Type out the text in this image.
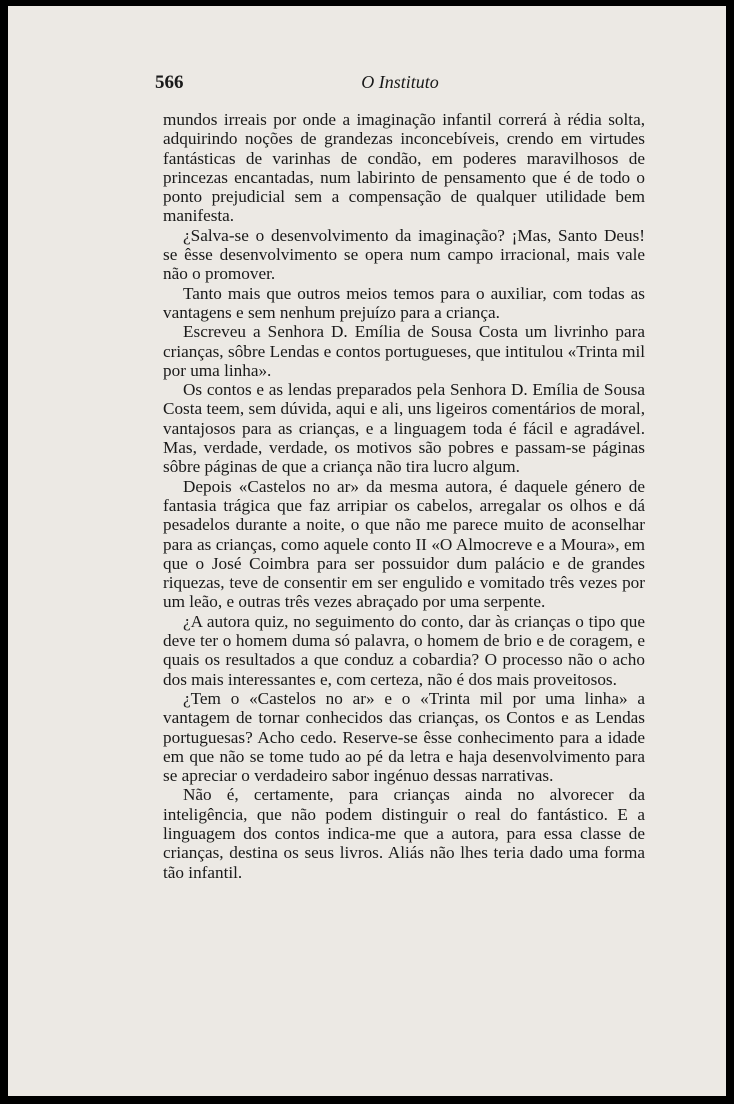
566	O Instituto

mundos irreais por onde a imaginação infantil correrá à rédia solta, adquirindo noções de grandezas inconcebíveis, crendo em virtudes fantásticas de varinhas de condão, em poderes maravilhosos de princezas encantadas, num labirinto de pensamento que é de todo o ponto prejudicial sem a compensação de qualquer utilidade bem manifesta.

¿Salva-se o desenvolvimento da imaginação? ¡Mas, Santo Deus! se êsse desenvolvimento se opera num campo irracional, mais vale não o promover.

Tanto mais que outros meios temos para o auxiliar, com todas as vantagens e sem nenhum prejuízo para a criança.

Escreveu a Senhora D. Emília de Sousa Costa um livrinho para crianças, sôbre Lendas e contos portugueses, que intitulou «Trinta mil por uma linha».

Os contos e as lendas preparados pela Senhora D. Emília de Sousa Costa teem, sem dúvida, aqui e ali, uns ligeiros comentários de moral, vantajosos para as crianças, e a linguagem toda é fácil e agradável. Mas, verdade, verdade, os motivos são pobres e passam-se páginas sôbre páginas de que a criança não tira lucro algum.

Depois «Castelos no ar» da mesma autora, é daquele género de fantasia trágica que faz arripiar os cabelos, arregalar os olhos e dá pesadelos durante a noite, o que não me parece muito de aconselhar para as crianças, como aquele conto II «O Almocreve e a Moura», em que o José Coimbra para ser possuidor dum palácio e de grandes riquezas, teve de consentir em ser engulido e vomitado três vezes por um leão, e outras três vezes abraçado por uma serpente.

¿A autora quiz, no seguimento do conto, dar às crianças o tipo que deve ter o homem duma só palavra, o homem de brio e de coragem, e quais os resultados a que conduz a cobardia? O processo não o acho dos mais interessantes e, com certeza, não é dos mais proveitosos.

¿Tem o «Castelos no ar» e o «Trinta mil por uma linha» a vantagem de tornar conhecidos das crianças, os Contos e as Lendas portuguesas? Acho cedo. Reserve-se êsse conhecimento para a idade em que não se tome tudo ao pé da letra e haja desenvolvimento para se apreciar o verdadeiro sabor ingénuo dessas narrativas.

Não é, certamente, para crianças ainda no alvorecer da inteligência, que não podem distinguir o real do fantástico. E a linguagem dos contos indica-me que a autora, para essa classe de crianças, destina os seus livros. Aliás não lhes teria dado uma forma tão infantil.
